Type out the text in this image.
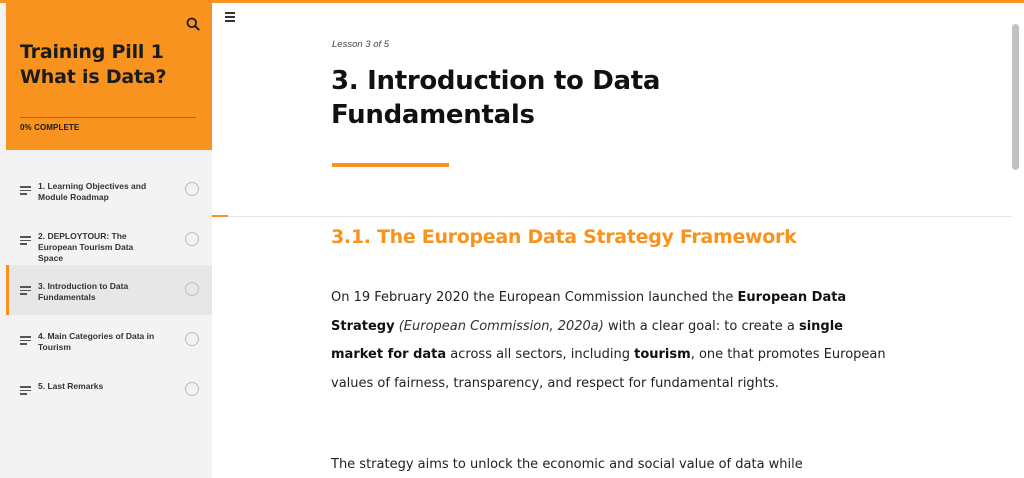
Training Pill 1 What is Data?
0% COMPLETE
1. Learning Objectives and Module Roadmap
2. DEPLOYTOUR: The European Tourism Data Space
3. Introduction to Data Fundamentals
4. Main Categories of Data in Tourism
5. Last Remarks
Lesson 3 of 5
3. Introduction to Data Fundamentals
3.1. The European Data Strategy Framework

On 19 February 2020 the European Commission launched the European Data Strategy (European Commission, 2020a) with a clear goal: to create a single market for data across all sectors, including tourism, one that promotes European values of fairness, transparency, and respect for fundamental rights.

The strategy aims to unlock the economic and social value of data while
